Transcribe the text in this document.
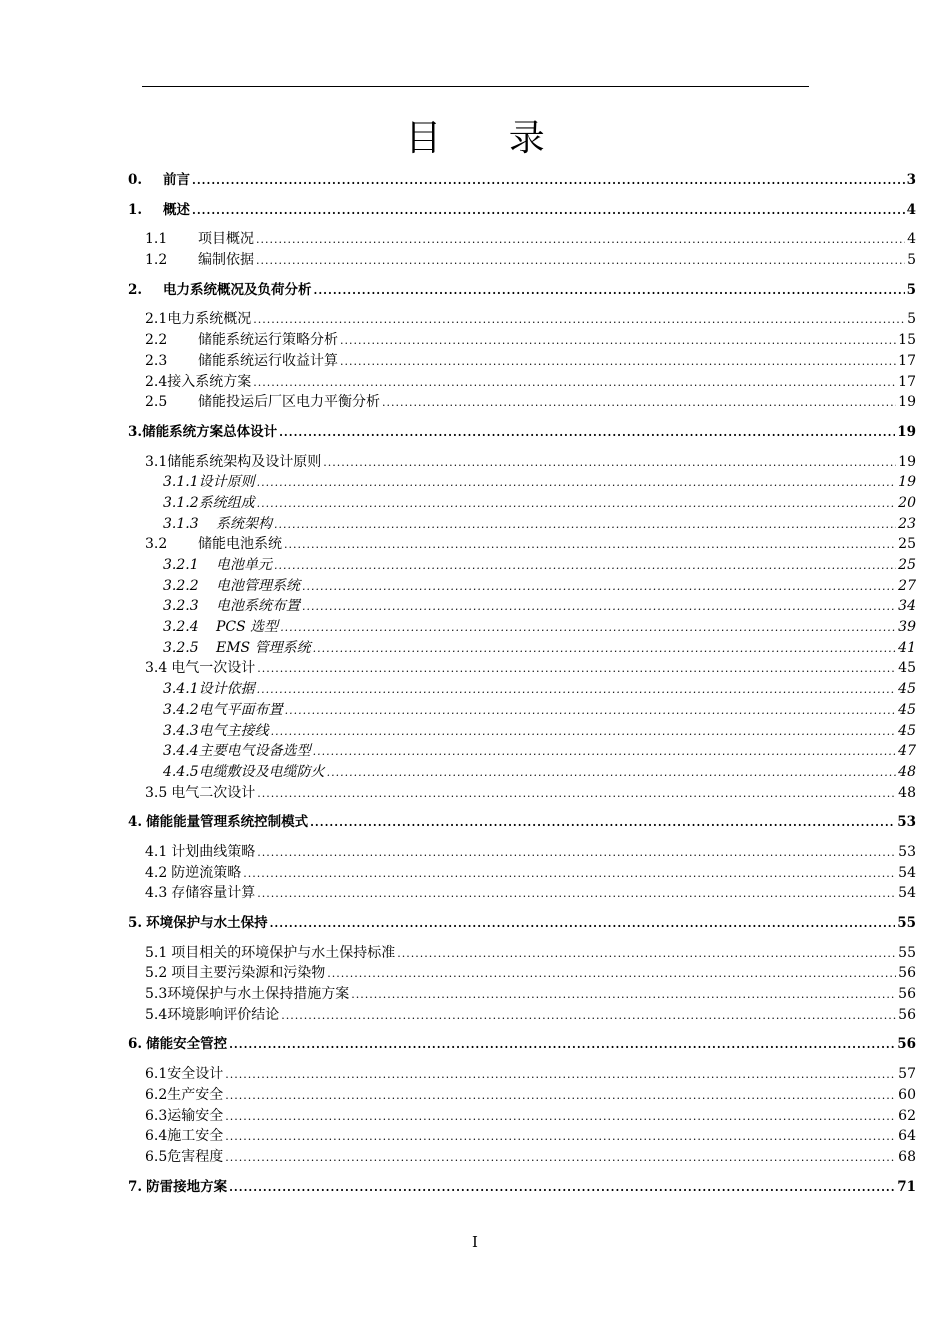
目 录
0.	前言 .....	3
1.	概述 .....	4
1.1	项目概况 .....	4
1.2	编制依据 .....	5
2.	电力系统概况及负荷分析 .....	5
2.1 电力系统概况 .....	5
2.2	储能系统运行策略分析 .....	15
2.3	储能系统运行收益计算 .....	17
2.4 接入系统方案 .....	17
2.5	储能投运后厂区电力平衡分析 .....	19
3. 储能系统方案总体设计 .....	19
3.1 储能系统架构及设计原则 .....	19
3.1.1 设计原则 .....	19
3.1.2 系统组成 .....	20
3.1.3	系统架构 .....	23
3.2	储能电池系统 .....	25
3.2.1	电池单元 .....	25
3.2.2	电池管理系统 .....	27
3.2.3	电池系统布置 .....	34
3.2.4	PCS 选型 .....	39
3.2.5	EMS 管理系统 .....	41
3.4 电气一次设计 .....	45
3.4.1 设计依据 .....	45
3.4.2 电气平面布置 .....	45
3.4.3 电气主接线 .....	45
3.4.4 主要电气设备选型 .....	47
4.4.5 电缆敷设及电缆防火 .....	48
3.5 电气二次设计 .....	48
4. 储能能量管理系统控制模式 .....	53
4.1 计划曲线策略 .....	53
4.2 防逆流策略 .....	54
4.3 存储容量计算 .....	54
5. 环境保护与水土保持 .....	55
5.1 项目相关的环境保护与水土保持标准 .....	55
5.2 项目主要污染源和污染物 .....	56
5.3 环境保护与水土保持措施方案 .....	56
5.4 环境影响评价结论 .....	56
6. 储能安全管控 .....	56
6.1 安全设计 .....	57
6.2 生产安全 .....	60
6.3 运输安全 .....	62
6.4 施工安全 .....	64
6.5 危害程度 .....	68
7. 防雷接地方案 .....	71
I
